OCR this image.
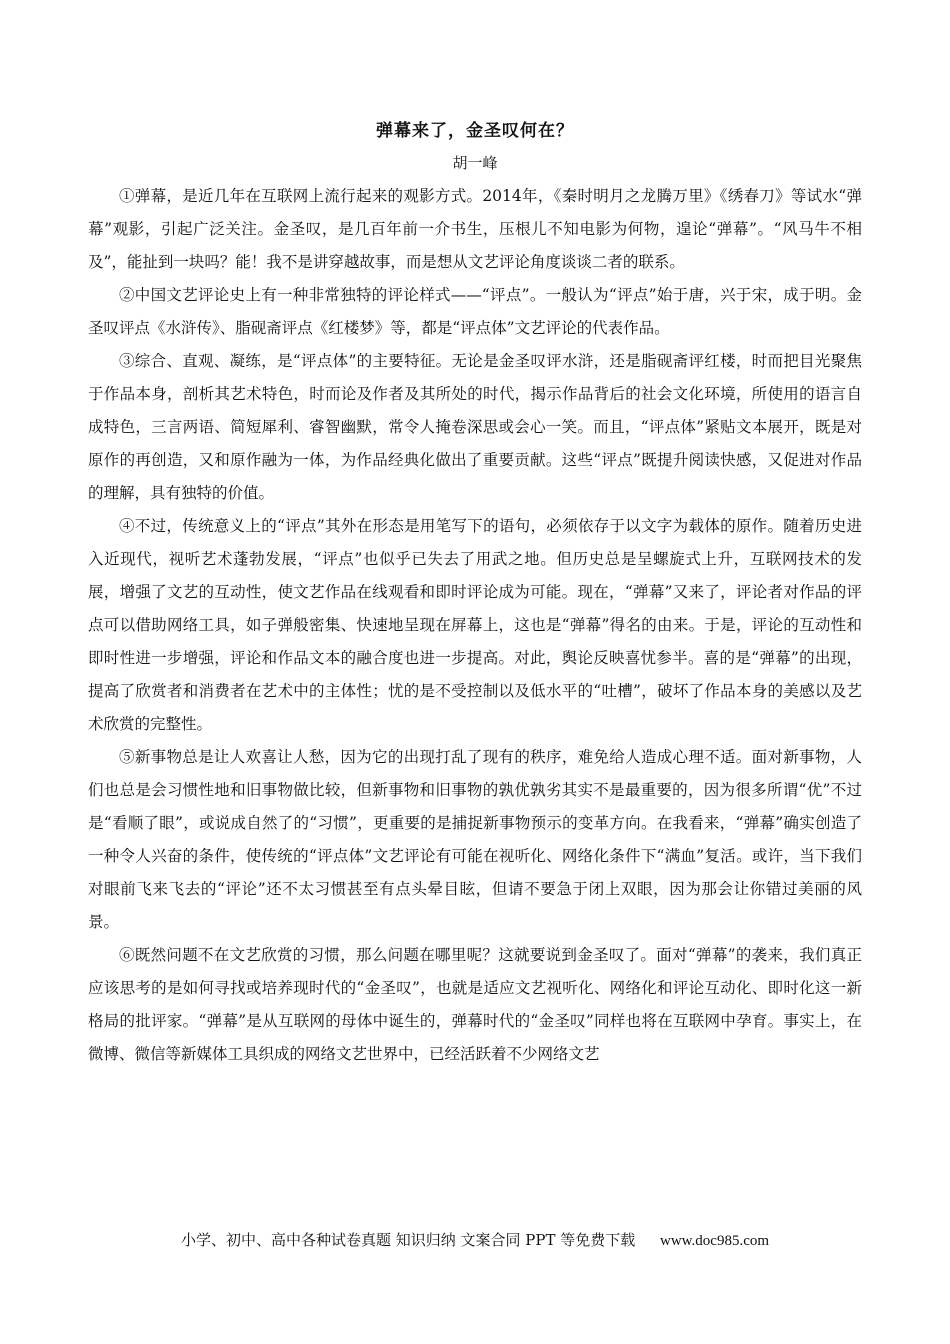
弹幕来了，金圣叹何在？
胡一峰

①弹幕，是近几年在互联网上流行起来的观影方式。2014年，《秦时明月之龙腾万里》《绣春刀》等试水“弹幕”观影，引起广泛关注。金圣叹，是几百年前一介书生，压根儿不知电影为何物，遑论“弹幕”。“风马牛不相及”，能扯到一块吗？能！我不是讲穿越故事，而是想从文艺评论角度谈谈二者的联系。

②中国文艺评论史上有一种非常独特的评论样式——“评点”。一般认为“评点”始于唐，兴于宋，成于明。金圣叹评点《水浒传》、脂砚斋评点《红楼梦》等，都是“评点体”文艺评论的代表作品。

③综合、直观、凝练，是“评点体”的主要特征。无论是金圣叹评水浒，还是脂砚斋评红楼，时而把目光聚焦于作品本身，剖析其艺术特色，时而论及作者及其所处的时代，揭示作品背后的社会文化环境，所使用的语言自成特色，三言两语、简短犀利、睿智幽默，常令人掩卷深思或会心一笑。而且，“评点体”紧贴文本展开，既是对原作的再创造，又和原作融为一体，为作品经典化做出了重要贡献。这些“评点”既提升阅读快感，又促进对作品的理解，具有独特的价值。

④不过，传统意义上的“评点”其外在形态是用笔写下的语句，必须依存于以文字为载体的原作。随着历史进入近现代，视听艺术蓬勃发展，“评点”也似乎已失去了用武之地。但历史总是呈螺旋式上升，互联网技术的发展，增强了文艺的互动性，使文艺作品在线观看和即时评论成为可能。现在，“弹幕”又来了，评论者对作品的评点可以借助网络工具，如子弹般密集、快速地呈现在屏幕上，这也是“弹幕”得名的由来。于是，评论的互动性和即时性进一步增强，评论和作品文本的融合度也进一步提高。对此，舆论反映喜忧参半。喜的是“弹幕”的出现，提高了欣赏者和消费者在艺术中的主体性；忧的是不受控制以及低水平的“吐槽”，破坏了作品本身的美感以及艺术欣赏的完整性。

⑤新事物总是让人欢喜让人愁，因为它的出现打乱了现有的秩序，难免给人造成心理不适。面对新事物，人们也总是会习惯性地和旧事物做比较，但新事物和旧事物的孰优孰劣其实不是最重要的，因为很多所谓“优”不过是“看顺了眼”，或说成自然了的“习惯”，更重要的是捕捉新事物预示的变革方向。在我看来，“弹幕”确实创造了一种令人兴奋的条件，使传统的“评点体”文艺评论有可能在视听化、网络化条件下“满血”复活。或许，当下我们对眼前飞来飞去的“评论”还不太习惯甚至有点头晕目眩，但请不要急于闭上双眼，因为那会让你错过美丽的风景。

⑥既然问题不在文艺欣赏的习惯，那么问题在哪里呢？这就要说到金圣叹了。面对“弹幕”的袭来，我们真正应该思考的是如何寻找或培养现时代的“金圣叹”，也就是适应文艺视听化、网络化和评论互动化、即时化这一新格局的批评家。“弹幕”是从互联网的母体中诞生的，弹幕时代的“金圣叹”同样也将在互联网中孕育。事实上，在微博、微信等新媒体工具织成的网络文艺世界中，已经活跃着不少网络文艺

小学、初中、高中各种试卷真题 知识归纳 文案合同 PPT 等免费下载 www.doc985.com
